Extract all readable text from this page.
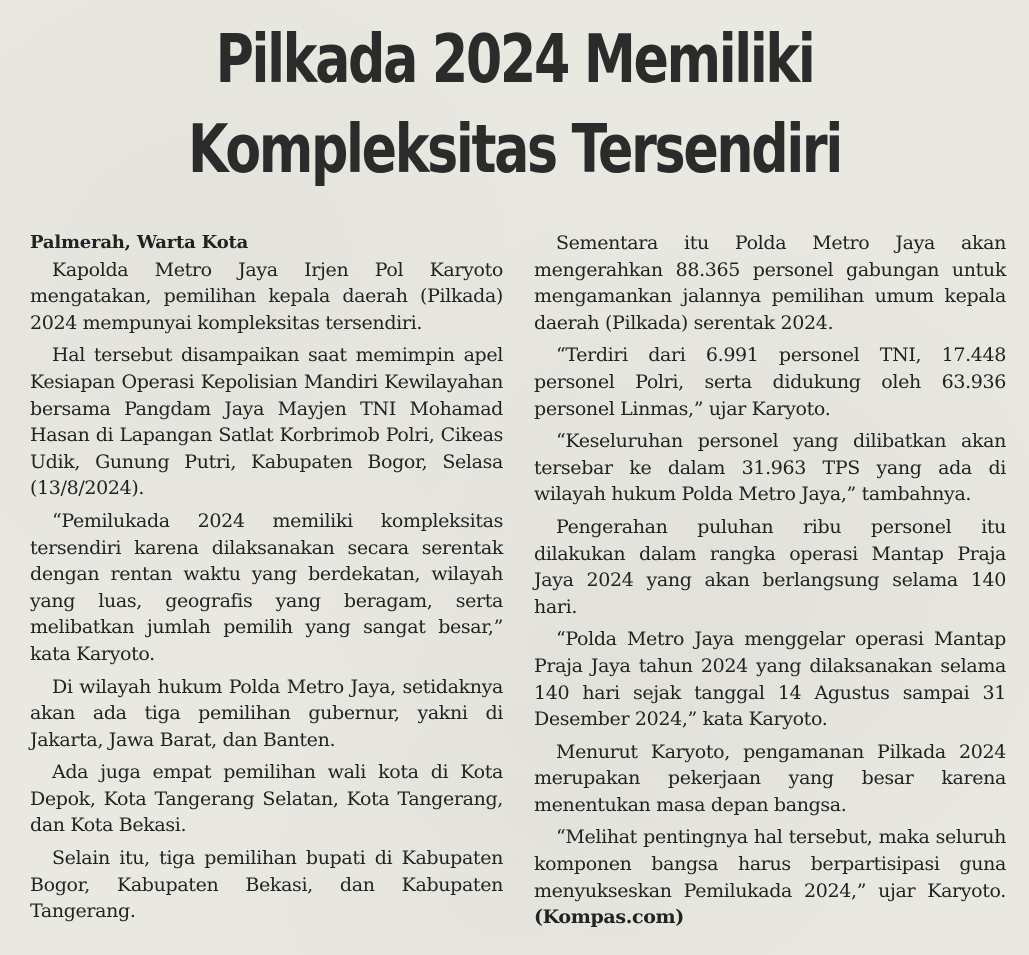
Pilkada 2024 Memiliki
Kompleksitas Tersendiri

Palmerah, Warta Kota

Kapolda Metro Jaya Irjen Pol Karyoto mengatakan, pemilihan kepala daerah (Pilkada) 2024 mempunyai kompleksitas tersendiri.

Hal tersebut disampaikan saat memimpin apel Kesiapan Operasi Kepolisian Mandiri Kewilayahan bersama Pangdam Jaya Mayjen TNI Mohamad Hasan di Lapangan Satlat Korbrimob Polri, Cikeas Udik, Gunung Putri, Kabupaten Bogor, Selasa (13/8/2024).

“Pemilukada 2024 memiliki kompleksitas tersendiri karena dilaksanakan secara serentak dengan rentan waktu yang berdekatan, wilayah yang luas, geografis yang beragam, serta melibatkan jumlah pemilih yang sangat besar,” kata Karyoto.

Di wilayah hukum Polda Metro Jaya, setidaknya akan ada tiga pemilihan gubernur, yakni di Jakarta, Jawa Barat, dan Banten.

Ada juga empat pemilihan wali kota di Kota Depok, Kota Tangerang Selatan, Kota Tangerang, dan Kota Bekasi.

Selain itu, tiga pemilihan bupati di Kabupaten Bogor, Kabupaten Bekasi, dan Kabupaten Tangerang.

Sementara itu Polda Metro Jaya akan mengerahkan 88.365 personel gabungan untuk mengamankan jalannya pemilihan umum kepala daerah (Pilkada) serentak 2024.

“Terdiri dari 6.991 personel TNI, 17.448 personel Polri, serta didukung oleh 63.936 personel Linmas,” ujar Karyoto.

“Keseluruhan personel yang dilibatkan akan tersebar ke dalam 31.963 TPS yang ada di wilayah hukum Polda Metro Jaya,” tambahnya.

Pengerahan puluhan ribu personel itu dilakukan dalam rangka operasi Mantap Praja Jaya 2024 yang akan berlangsung selama 140 hari.

“Polda Metro Jaya menggelar operasi Mantap Praja Jaya tahun 2024 yang dilaksanakan selama 140 hari sejak tanggal 14 Agustus sampai 31 Desember 2024,” kata Karyoto.

Menurut Karyoto, pengamanan Pilkada 2024 merupakan pekerjaan yang besar karena menentukan masa depan bangsa.

“Melihat pentingnya hal tersebut, maka seluruh komponen bangsa harus berpartisipasi guna menyukseskan Pemilukada 2024,” ujar Karyoto. (Kompas.com)
